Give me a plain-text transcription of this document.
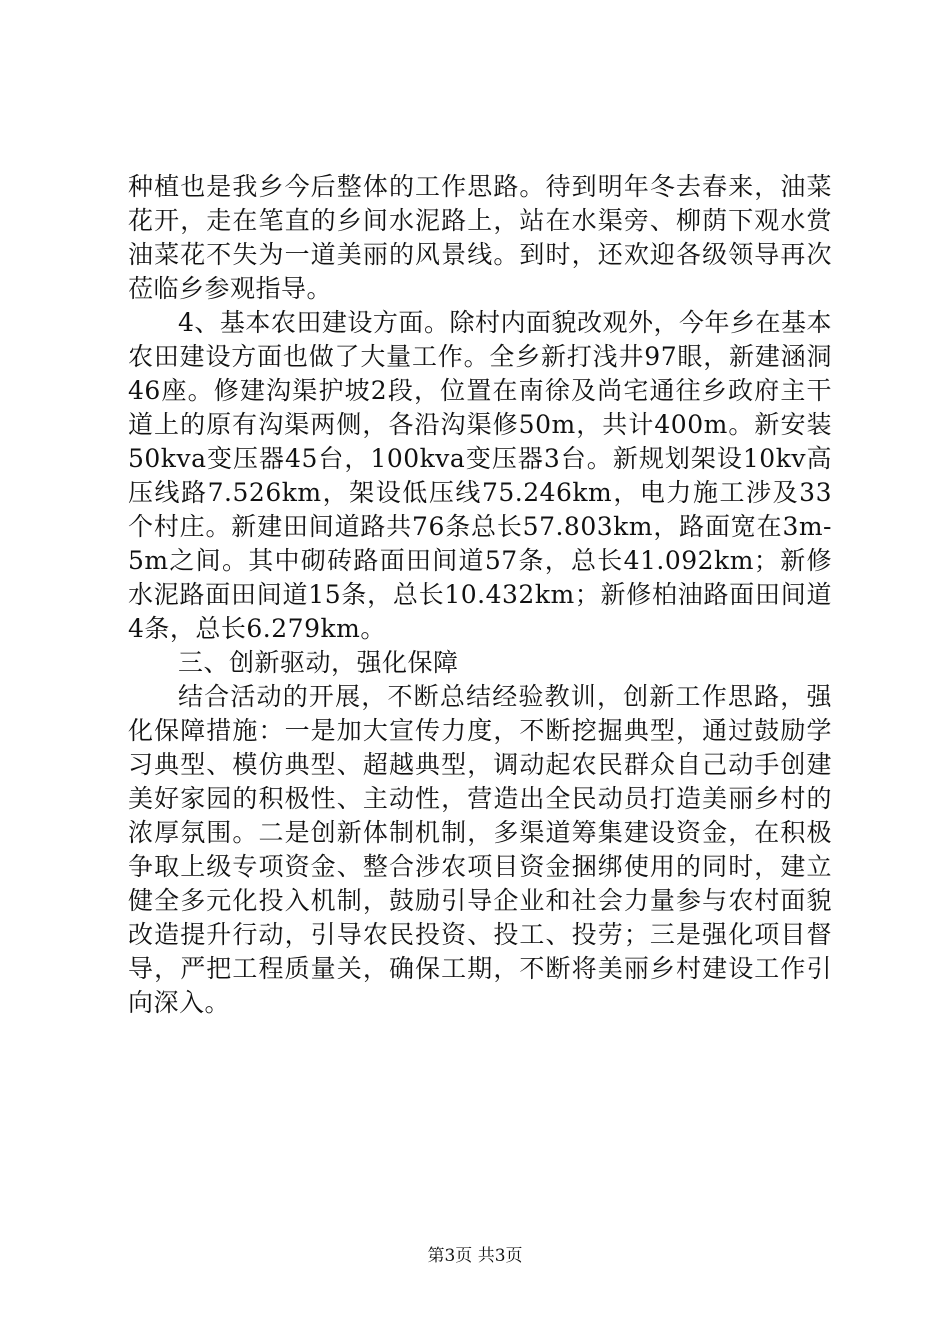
种植也是我乡今后整体的工作思路。待到明年冬去春来，油菜花开，走在笔直的乡间水泥路上，站在水渠旁、柳荫下观水赏油菜花不失为一道美丽的风景线。到时，还欢迎各级领导再次莅临乡参观指导。

4、基本农田建设方面。除村内面貌改观外，今年乡在基本农田建设方面也做了大量工作。全乡新打浅井97眼，新建涵洞46座。修建沟渠护坡2段，位置在南徐及尚宅通往乡政府主干道上的原有沟渠两侧，各沿沟渠修50m，共计400m。新安装50kva变压器45台，100kva变压器3台。新规划架设10kv高压线路7.526km，架设低压线75.246km，电力施工涉及33个村庄。新建田间道路共76条总长57.803km，路面宽在3m-5m之间。其中砌砖路面田间道57条，总长41.092km；新修水泥路面田间道15条，总长10.432km；新修柏油路面田间道4条，总长6.279km。

三、创新驱动，强化保障

结合活动的开展，不断总结经验教训，创新工作思路，强化保障措施：一是加大宣传力度，不断挖掘典型，通过鼓励学习典型、模仿典型、超越典型，调动起农民群众自己动手创建美好家园的积极性、主动性，营造出全民动员打造美丽乡村的浓厚氛围。二是创新体制机制，多渠道筹集建设资金，在积极争取上级专项资金、整合涉农项目资金捆绑使用的同时，建立健全多元化投入机制，鼓励引导企业和社会力量参与农村面貌改造提升行动，引导农民投资、投工、投劳；三是强化项目督导，严把工程质量关，确保工期，不断将美丽乡村建设工作引向深入。

第3页 共3页
